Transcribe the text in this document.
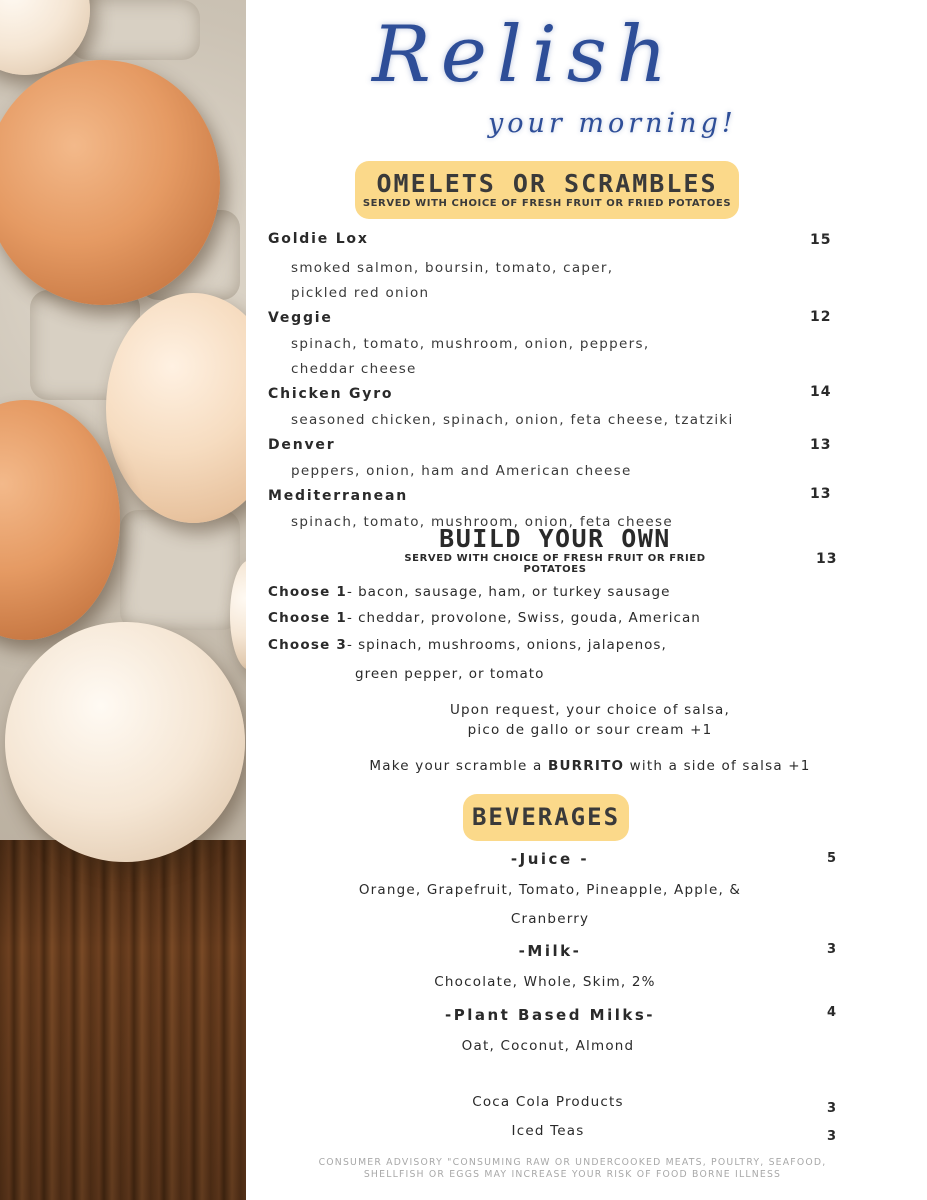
Relish

your morning!

OMELETS OR SCRAMBLES
SERVED WITH CHOICE OF FRESH FRUIT OR FRIED POTATOES
Goldie Lox	15
smoked salmon, boursin, tomato, caper,
pickled red onion
Veggie	12
spinach, tomato, mushroom, onion, peppers,
cheddar cheese
Chicken Gyro	14
seasoned chicken, spinach, onion, feta cheese, tzatziki
Denver	13
peppers, onion, ham and American cheese
Mediterranean	13
spinach, tomato, mushroom, onion, feta cheese
BUILD YOUR OWN
SERVED WITH CHOICE OF FRESH FRUIT OR FRIED POTATOES
13
Choose 1- bacon, sausage, ham, or turkey sausage
Choose 1- cheddar, provolone, Swiss, gouda, American
Choose 3- spinach, mushrooms, onions, jalapenos,
green pepper, or tomato
Upon request, your choice of salsa,
pico de gallo or sour cream +1
Make your scramble a BURRITO with a side of salsa +1
BEVERAGES
-Juice -	5
Orange, Grapefruit, Tomato, Pineapple, Apple, &
Cranberry
-Milk-	3
Chocolate, Whole, Skim, 2%
-Plant Based Milks-	4
Oat, Coconut, Almond
Coca Cola Products	3
Iced Teas	3
CONSUMER ADVISORY "CONSUMING RAW OR UNDERCOOKED MEATS, POULTRY, SEAFOOD,
SHELLFISH OR EGGS MAY INCREASE YOUR RISK OF FOOD BORNE ILLNESS
